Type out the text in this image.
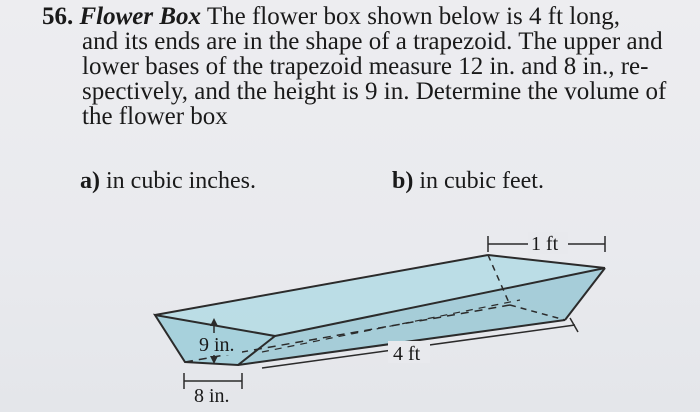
56. Flower Box The flower box shown below is 4 ft long,
and its ends are in the shape of a trapezoid. The upper and
lower bases of the trapezoid measure 12 in. and 8 in., re-
spectively, and the height is 9 in. Determine the volume of
the flower box
a) in cubic inches.	b) in cubic feet.
9 in.
8 in.
4 ft
1 ft
